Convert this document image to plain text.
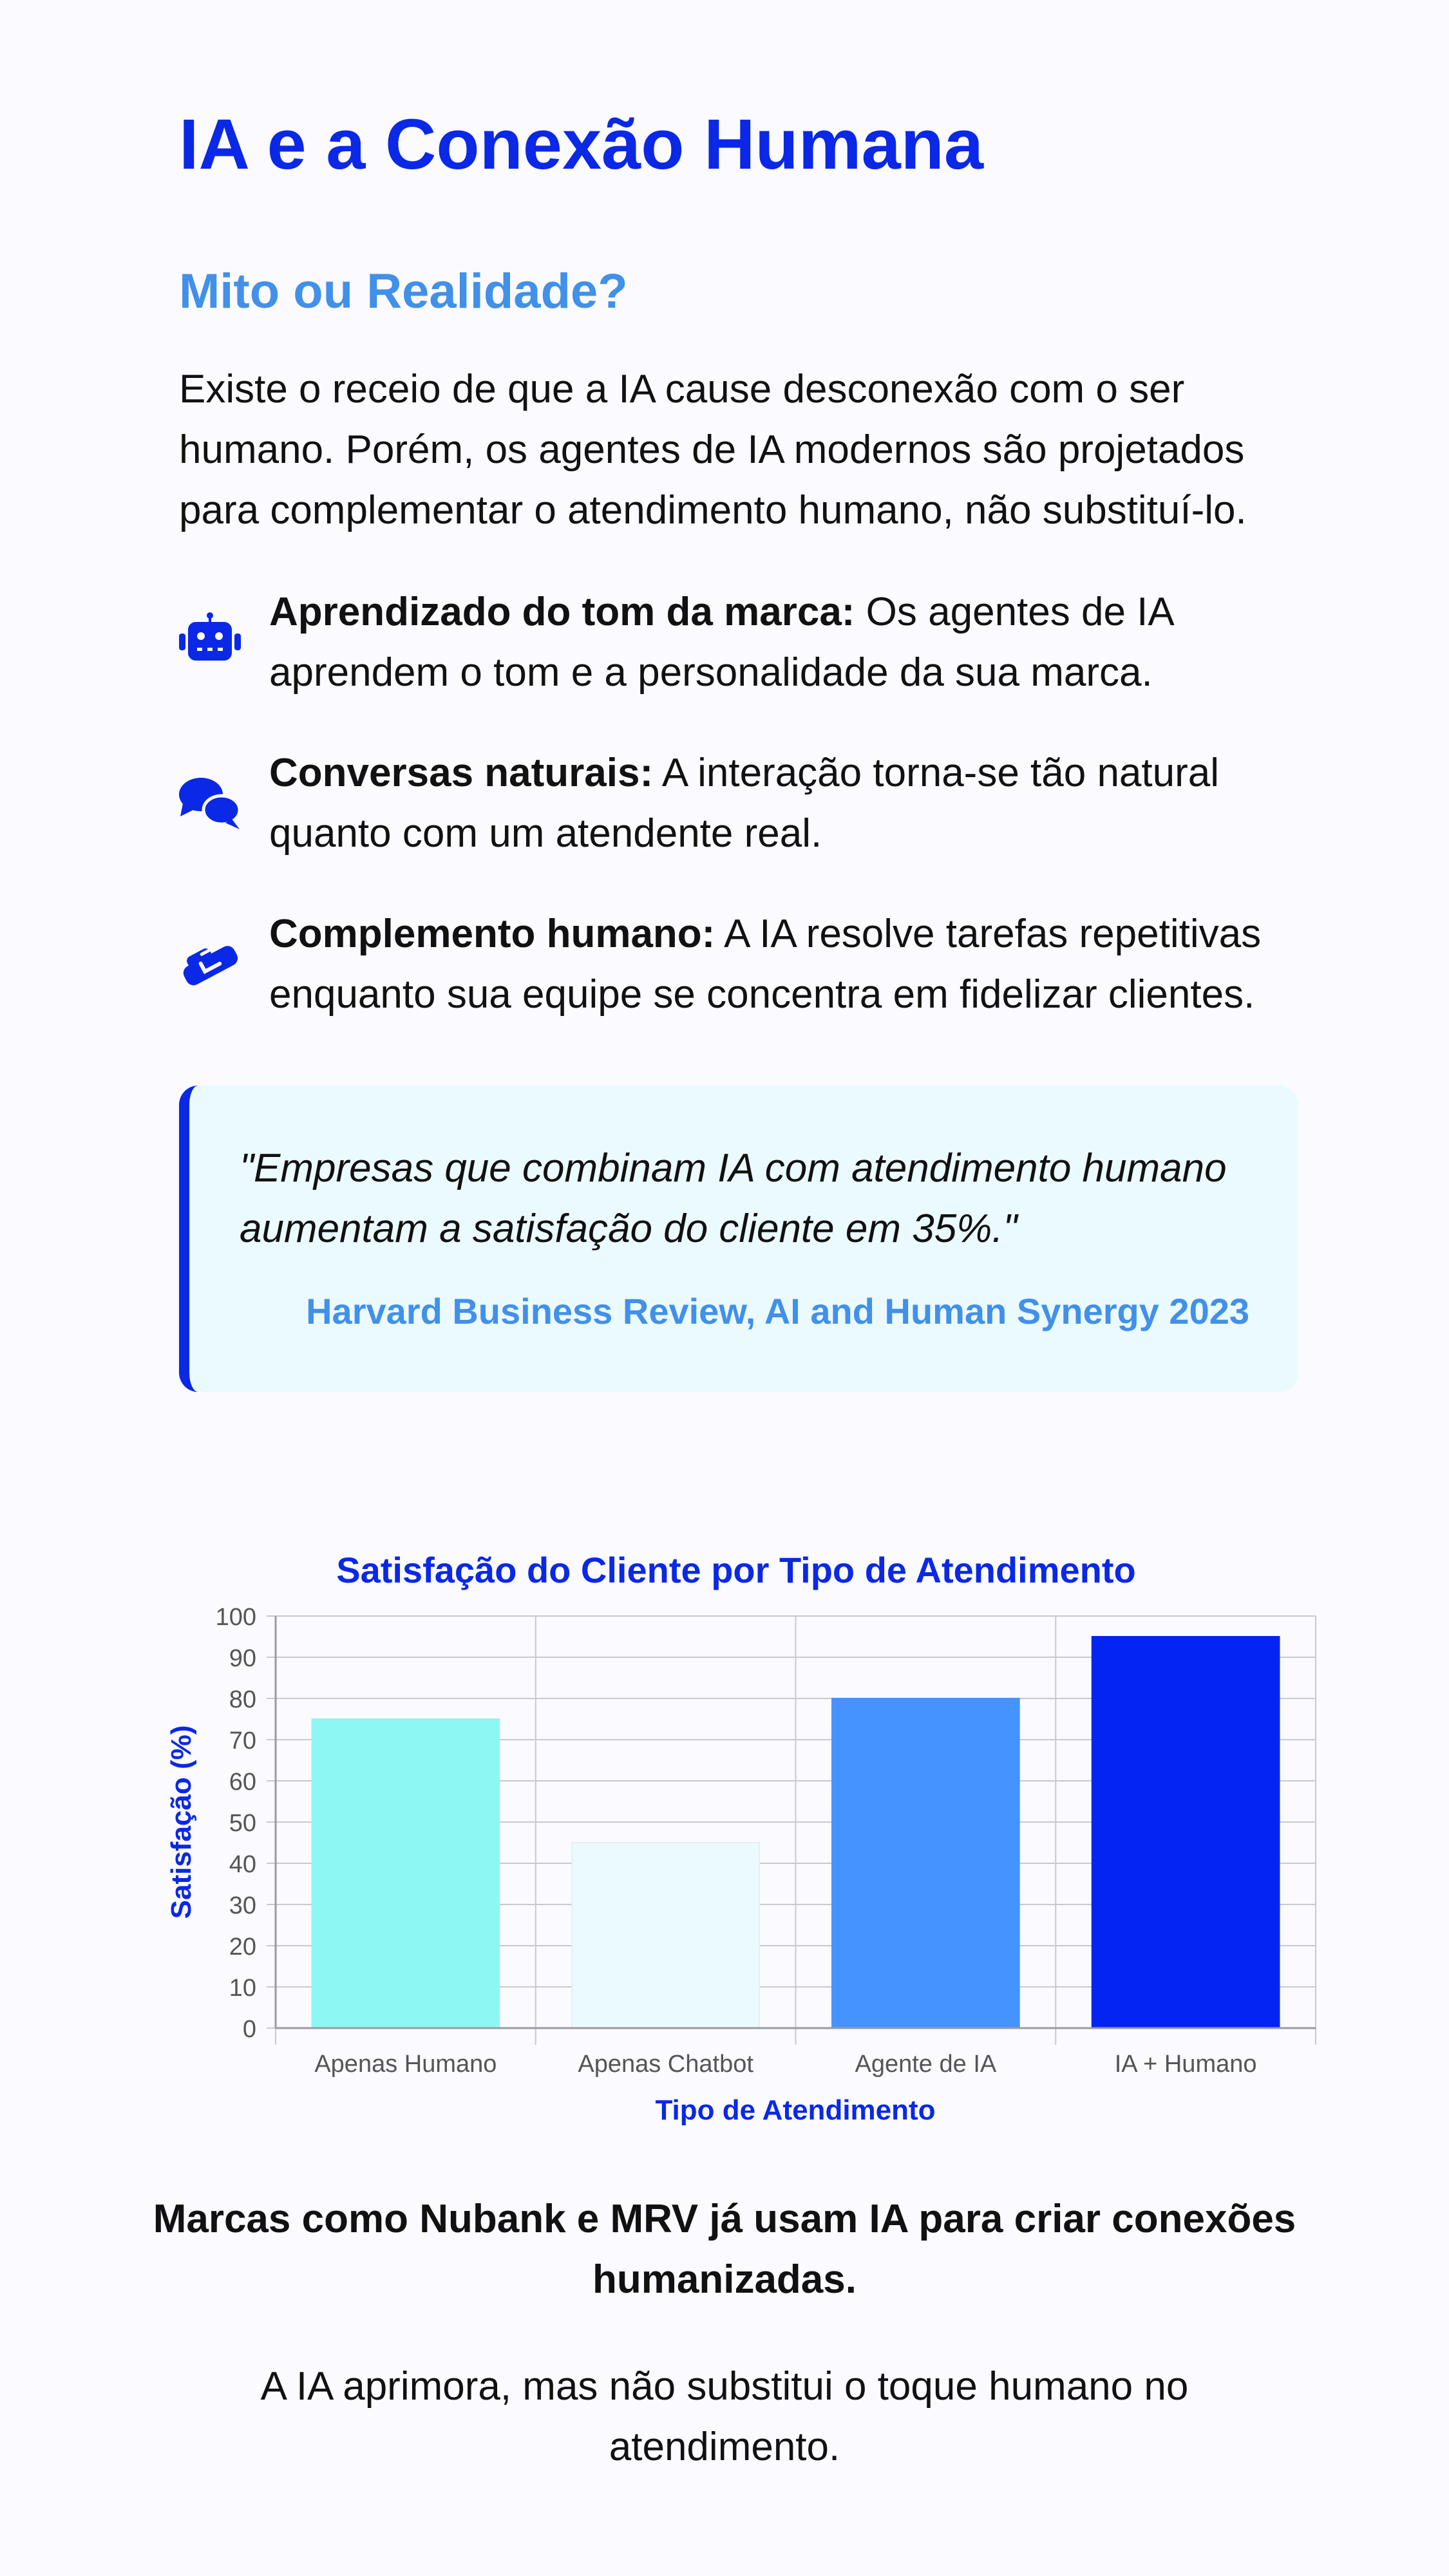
IA e a Conexão Humana
Mito ou Realidade?

Existe o receio de que a IA cause desconexão com o ser humano. Porém, os agentes de IA modernos são projetados para complementar o atendimento humano, não substituí-lo.

Aprendizado do tom da marca: Os agentes de IA aprendem o tom e a personalidade da sua marca.
Conversas naturais: A interação torna-se tão natural quanto com um atendente real.
Complemento humano: A IA resolve tarefas repetitivas enquanto sua equipe se concentra em fidelizar clientes.

"Empresas que combinam IA com atendimento humano aumentam a satisfação do cliente em 35%."

Harvard Business Review, AI and Human Synergy 2023
0
10
20
30
40
50
60
70
80
90
100
Apenas Humano	Apenas Chatbot	Agente de IA	IA + Humano
Satisfação do Cliente por Tipo de Atendimento
Tipo de Atendimento
Satisfação (%)
Marcas como Nubank e MRV já usam IA para criar conexões humanizadas.
A IA aprimora, mas não substitui o toque humano no atendimento.
